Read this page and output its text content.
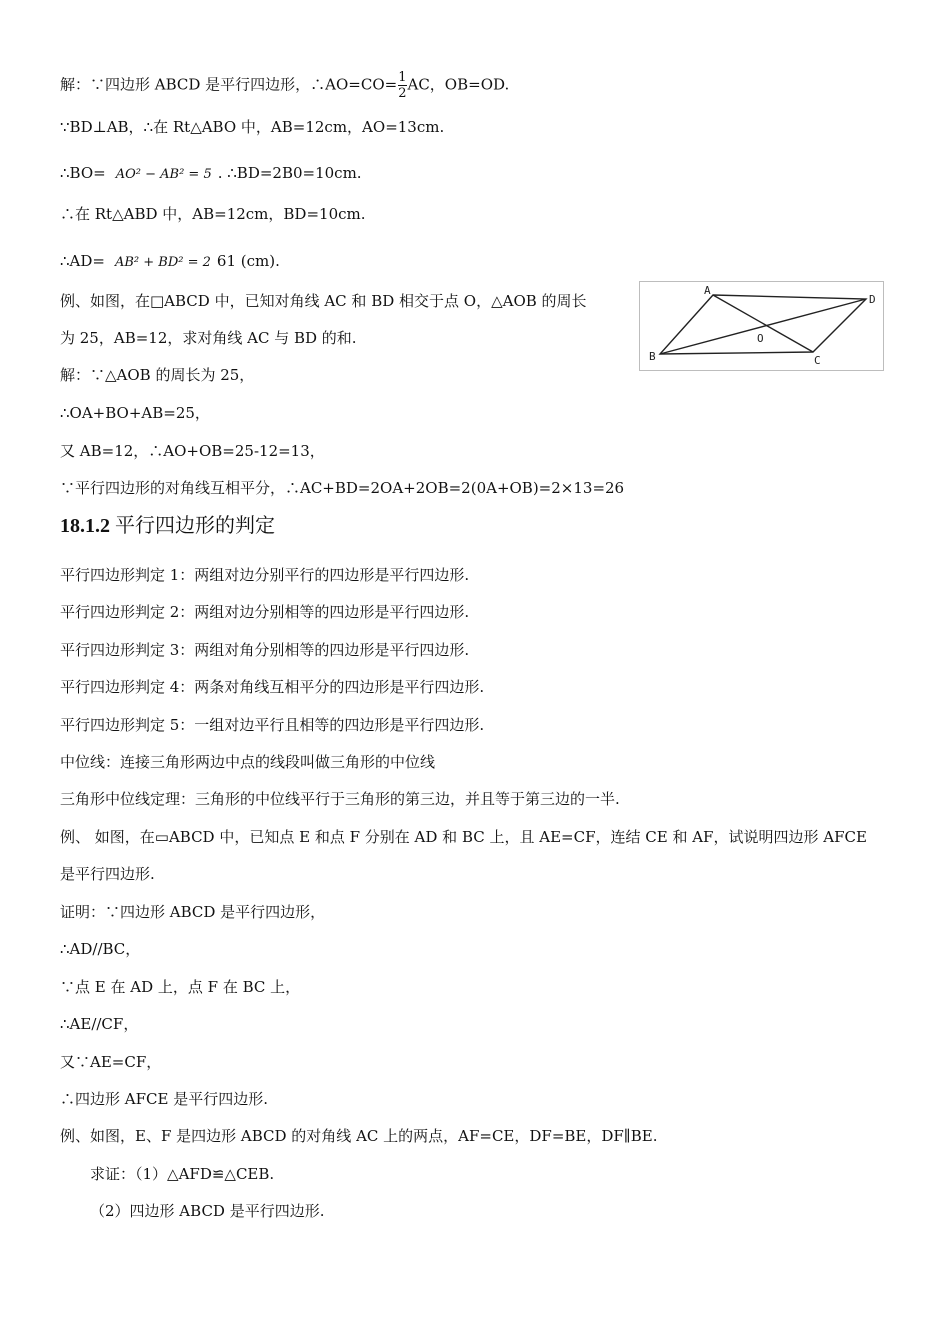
解：∵四边形 ABCD 是平行四边形，∴AO=CO= $\frac{1}{2}$ AC，OB=OD.
∵BD⊥AB，∴在 Rt△ABO 中，AB=12cm，AO=13cm.
∴BO= AO² − AB² = 5 . ∴BD=2B0=10cm.
∴在 Rt△ABD 中，AB=12cm，BD=10cm.
∴AD= AB² + BD² = 2 61 (cm).
例、如图，在□ABCD 中，已知对角线 AC 和 BD 相交于点 O，△AOB 的周长
为 25，AB=12，求对角线 AC 与 BD 的和.
解：∵△AOB 的周长为 25，
∴OA+BO+AB=25，
又 AB=12，∴AO+OB=25-12=13，
∵平行四边形的对角线互相平分，∴AC+BD=2OA+2OB=2(0A+OB)=2×13=26
A
D
B	C
O
18.1.2 平行四边形的判定
平行四边形判定 1：两组对边分别平行的四边形是平行四边形.
平行四边形判定 2：两组对边分别相等的四边形是平行四边形.
平行四边形判定 3：两组对角分别相等的四边形是平行四边形.
平行四边形判定 4：两条对角线互相平分的四边形是平行四边形.
平行四边形判定 5：一组对边平行且相等的四边形是平行四边形.
中位线：连接三角形两边中点的线段叫做三角形的中位线
三角形中位线定理：三角形的中位线平行于三角形的第三边，并且等于第三边的一半.
例、 如图，在▭ABCD 中，已知点 E 和点 F 分别在 AD 和 BC 上，且 AE=CF，连结 CE 和 AF，试说明四边形 AFCE
是平行四边形.
证明：∵四边形 ABCD 是平行四边形，
∴AD//BC，
∵点 E 在 AD 上，点 F 在 BC 上，
∴AE//CF，
又∵AE=CF，
∴四边形 AFCE 是平行四边形.
例、如图，E、F 是四边形 ABCD 的对角线 AC 上的两点，AF=CE，DF=BE，DF∥BE.
求证：（1）△AFD≌△CEB.
（2）四边形 ABCD 是平行四边形.
